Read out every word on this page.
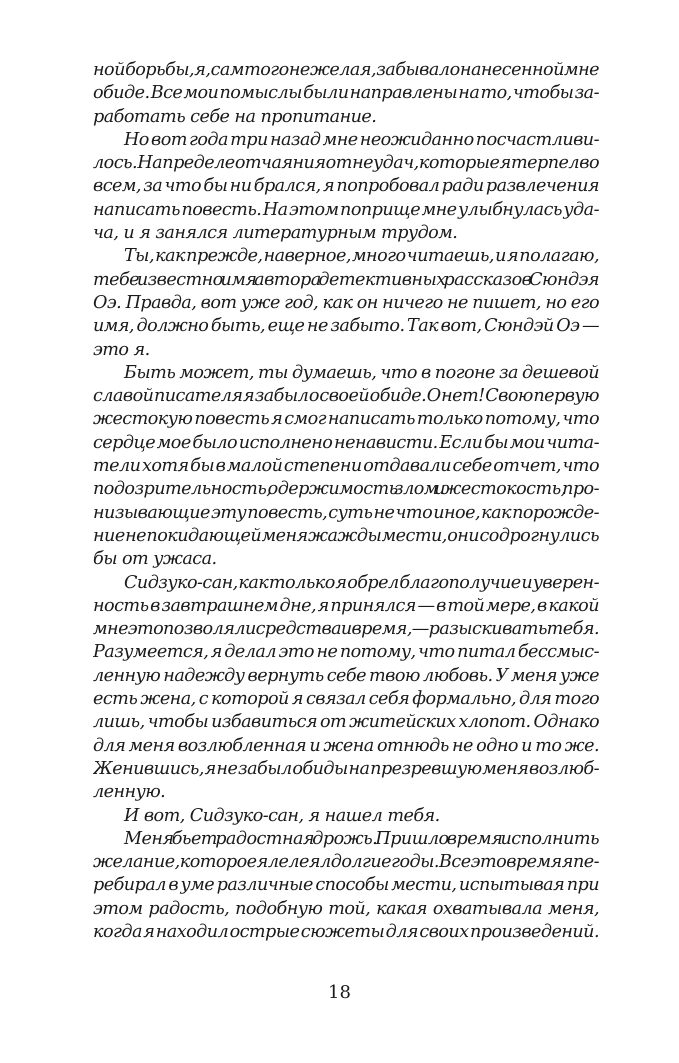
ной борьбы, я, сам того не желая, забывал о нанесенной мне
обиде. Все мои помыслы были направлены на то, чтобы за-
работать себе на пропитание.
Но вот года три назад мне неожиданно посчастливи-
лось. На пределе отчаяния от неудач, которые я терпел во
всем, за что бы ни брался, я попробовал ради развлечения
написать повесть. На этом поприще мне улыбнулась уда-
ча, и я занялся литературным трудом.
Ты, как прежде, наверное, много читаешь, и я полагаю,
тебе известно имя автора детективных рассказов Сюндэя
Оэ. Правда, вот уже год, как он ничего не пишет, но его
имя, должно быть, еще не забыто. Так вот, Сюндэй Оэ —
это я.
Быть может, ты думаешь, что в погоне за дешевой
славой писателя я забыл о своей обиде. О нет! Свою первую
жестокую повесть я смог написать только потому, что
сердце мое было исполнено ненависти. Если бы мои чита-
тели хотя бы в малой степени отдавали себе отчет, что
подозрительность, одержимость злом и жестокость, про-
низывающие эту повесть, суть не что иное, как порожде-
ние не покидающей меня жажды мести, они содрогнулись
бы от ужаса.
Сидзуко-сан, как только я обрел благополучие и уверен-
ность в завтрашнем дне, я принялся — в той мере, в какой
мне это позволяли средства и время, — разыскивать тебя.
Разумеется, я делал это не потому, что питал бессмыс-
ленную надежду вернуть себе твою любовь. У меня уже
есть жена, с которой я связал себя формально, для того
лишь, чтобы избавиться от житейских хлопот. Однако
для меня возлюбленная и жена отнюдь не одно и то же.
Женившись, я не забыл обиды на презревшую меня возлюб-
ленную.
И вот, Сидзуко-сан, я нашел тебя.
Меня бьет радостная дрожь. Пришло время исполнить
желание, которое я лелеял долгие годы. Все это время я пе-
ребирал в уме различные способы мести, испытывая при
этом радость, подобную той, какая охватывала меня,
когда я находил острые сюжеты для своих произведений.
18
